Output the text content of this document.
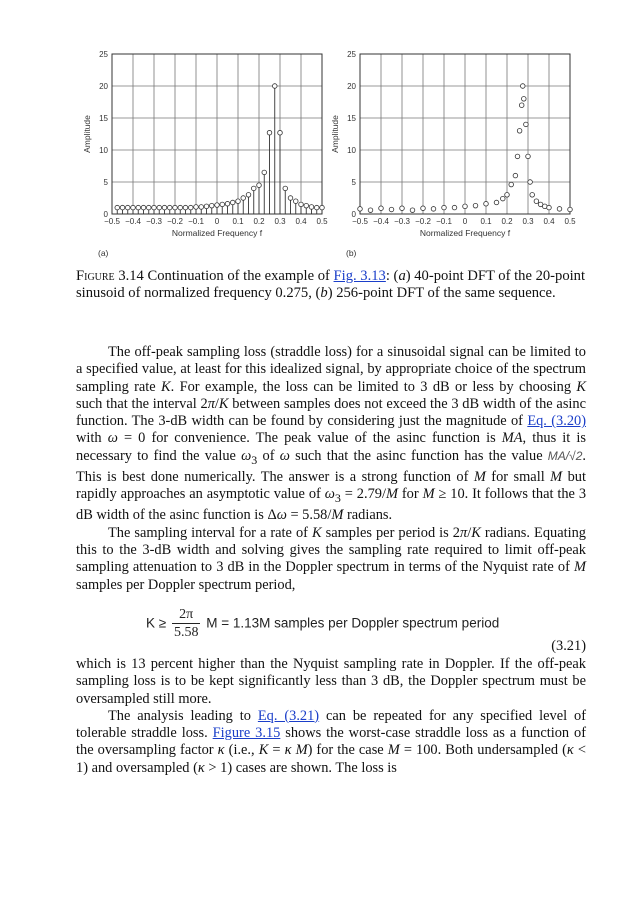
−0.5 −0.4 −0.3 −0.2 −0.1 0 0.1 0.2 0.3 0.4 0.5
0
5
10
15
20
25
Amplitude
Normalized Frequency f
(a)
−0.5 −0.4 −0.3 −0.2 −0.1 0 0.1 0.2 0.3 0.4 0.5
0
5
10
15
20
25
Amplitude
Normalized Frequency f
(b)
Figure 3.14 Continuation of the example of Fig. 3.13: (a) 40-point DFT of the 20-point sinusoid of normalized frequency 0.275, (b) 256-point DFT of the same sequence.

The off-peak sampling loss (straddle loss) for a sinusoidal signal can be limited to a specified value, at least for this idealized signal, by appropriate choice of the spectrum sampling rate K. For example, the loss can be limited to 3 dB or less by choosing K such that the interval 2π/K between samples does not exceed the 3 dB width of the asinc function. The 3-dB width can be found by considering just the magnitude of Eq. (3.20) with ω = 0 for convenience. The peak value of the asinc function is MA, thus it is necessary to find the value $\omega_3$ of ω such that the asinc function has the value MA/√2. This is best done numerically. The answer is a strong function of M for small M but rapidly approaches an asymptotic value of $\omega_3 = 2.79/M$ for M ≥ 10. It follows that the 3 dB width of the asinc function is Δω = 5.58/M radians.

The sampling interval for a rate of K samples per period is 2π/K radians. Equating this to the 3-dB width and solving gives the sampling rate required to limit off-peak sampling attenuation to 3 dB in the Doppler spectrum in terms of the Nyquist rate of M samples per Doppler spectrum period,

$K \ge \frac{2\pi}{5.58}$ M = 1.13M samples per Doppler spectrum period
(3.21)

which is 13 percent higher than the Nyquist sampling rate in Doppler. If the off-peak sampling loss is to be kept significantly less than 3 dB, the Doppler spectrum must be oversampled still more.

The analysis leading to Eq. (3.21) can be repeated for any specified level of tolerable straddle loss. Figure 3.15 shows the worst-case straddle loss as a function of the oversampling factor κ (i.e., K = κ M) for the case M = 100. Both undersampled (κ < 1) and oversampled (κ > 1) cases are shown. The loss is
